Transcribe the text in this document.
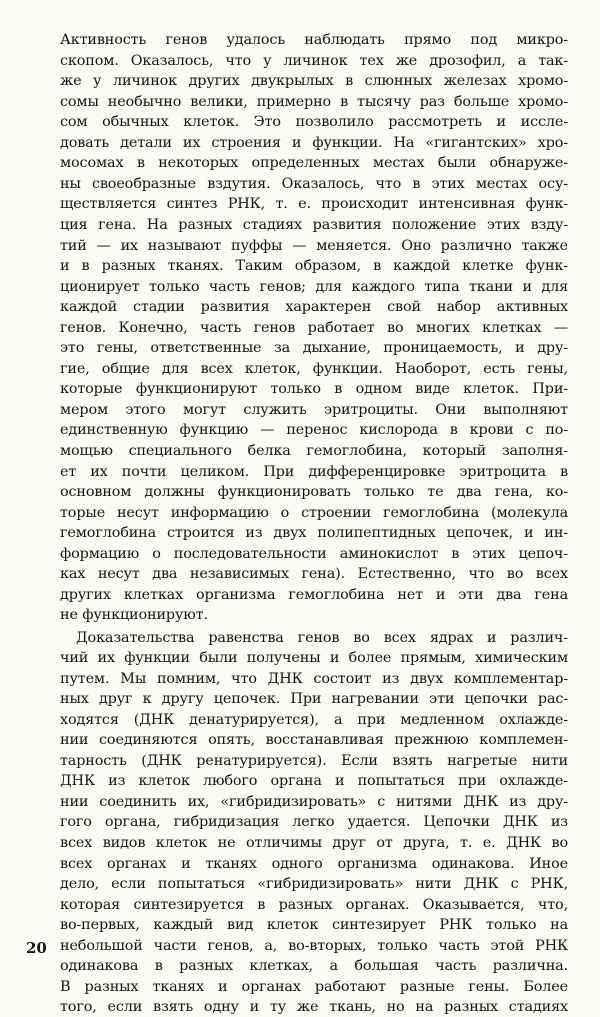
Активность генов удалось наблюдать прямо под микро-
скопом. Оказалось, что у личинок тех же дрозофил, а так-
же у личинок других двукрылых в слюнных железах хромо-
сомы необычно велики, примерно в тысячу раз больше хромо-
сом обычных клеток. Это позволило рассмотреть и иссле-
довать детали их строения и функции. На «гигантских» хро-
мосомах в некоторых определенных местах были обнаруже-
ны своеобразные вздутия. Оказалось, что в этих местах осу-
ществляется синтез РНК, т. е. происходит интенсивная функ-
ция гена. На разных стадиях развития положение этих взду-
тий — их называют пуффы — меняется. Оно различно также
и в разных тканях. Таким образом, в каждой клетке функ-
ционирует только часть генов; для каждого типа ткани и для
каждой стадии развития характерен свой набор активных
генов. Конечно, часть генов работает во многих клетках —
это гены, ответственные за дыхание, проницаемость, и дру-
гие, общие для всех клеток, функции. Наоборот, есть гены,
которые функционируют только в одном виде клеток. При-
мером этого могут служить эритроциты. Они выполняют
единственную функцию — перенос кислорода в крови с по-
мощью специального белка гемоглобина, который заполня-
ет их почти целиком. При дифференцировке эритроцита в
основном должны функционировать только те два гена, ко-
торые несут информацию о строении гемоглобина (молекула
гемоглобина строится из двух полипептидных цепочек, и ин-
формацию о последовательности аминокислот в этих цепоч-
ках несут два независимых гена). Естественно, что во всех
других клетках организма гемоглобина нет и эти два гена
не функционируют.
Доказательства равенства генов во всех ядрах и различ-
чий их функции были получены и более прямым, химическим
путем. Мы помним, что ДНК состоит из двух комплементар-
ных друг к другу цепочек. При нагревании эти цепочки рас-
ходятся (ДНК денатурируется), а при медленном охлажде-
нии соединяются опять, восстанавливая прежнюю комплемен-
тарность (ДНК ренатурируется). Если взять нагретые нити
ДНК из клеток любого органа и попытаться при охлажде-
нии соединить их, «гибридизировать» с нитями ДНК из дру-
гого органа, гибридизация легко удается. Цепочки ДНК из
всех видов клеток не отличимы друг от друга, т. е. ДНК во
всех органах и тканях одного организма одинакова. Иное
дело, если попытаться «гибридизировать» нити ДНК с РНК,
которая синтезируется в разных органах. Оказывается, что,
во-первых, каждый вид клеток синтезирует РНК только на
небольшой части генов, а, во-вторых, только часть этой РНК
одинакова в разных клетках, а большая часть различна.
В разных тканях и органах работают разные гены. Более
того, если взять одну и ту же ткань, но на разных стадиях
20
